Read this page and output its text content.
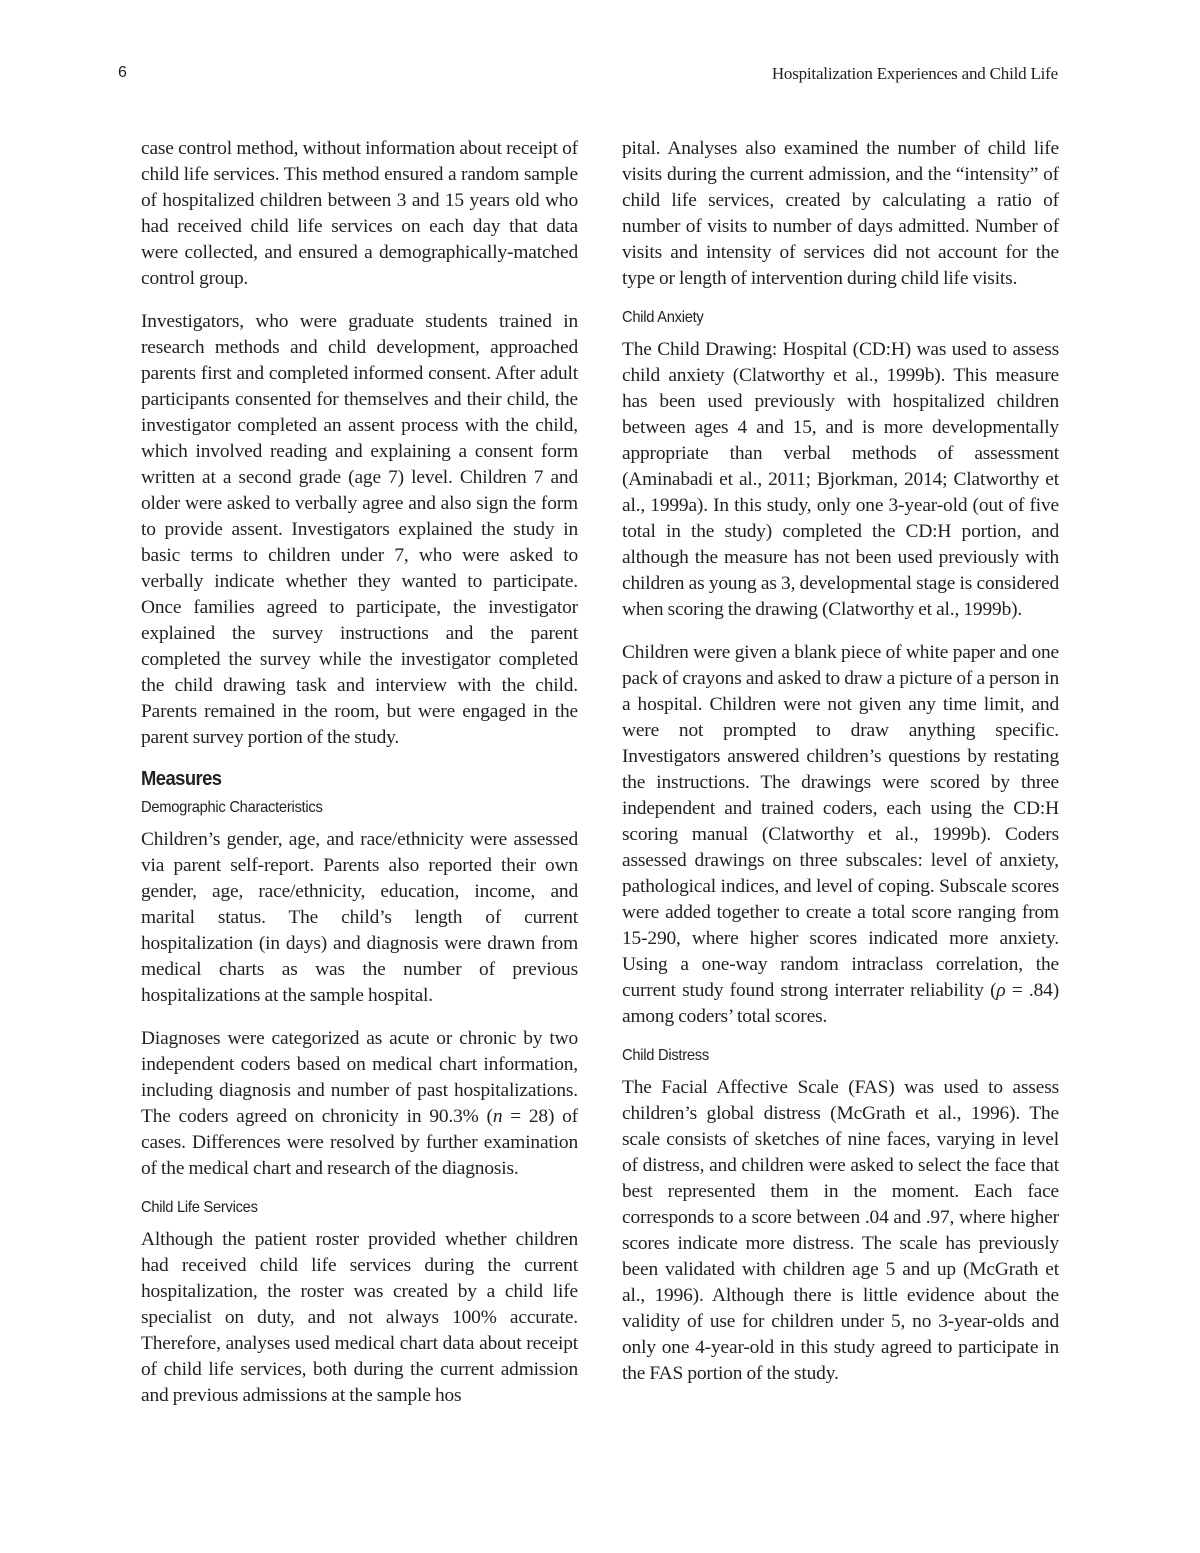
6	Hospitalization Experiences and Child Life

case control method, without information about receipt of child life services. This method ensured a random sample of hospitalized children between 3 and 15 years old who had received child life services on each day that data were collected, and ensured a demographically-matched control group.

Investigators, who were graduate students trained in research methods and child development, approached parents first and completed informed consent. After adult participants consented for themselves and their child, the investigator completed an assent process with the child, which involved reading and explaining a consent form written at a second grade (age 7) level. Children 7 and older were asked to verbally agree and also sign the form to provide assent. Investigators explained the study in basic terms to children under 7, who were asked to verbally indicate whether they wanted to participate. Once families agreed to participate, the investigator explained the survey instructions and the parent completed the survey while the investigator completed the child drawing task and interview with the child. Parents remained in the room, but were engaged in the parent survey portion of the study.

Measures
Demographic Characteristics

Children’s gender, age, and race/ethnicity were assessed via parent self-report. Parents also reported their own gender, age, race/ethnicity, education, income, and marital status. The child’s length of current hospitalization (in days) and diagnosis were drawn from medical charts as was the number of previous hospitalizations at the sample hospital.

Diagnoses were categorized as acute or chronic by two independent coders based on medical chart information, including diagnosis and number of past hospitalizations. The coders agreed on chronicity in 90.3% (n = 28) of cases. Differences were resolved by further examination of the medical chart and research of the diagnosis.

Child Life Services

Although the patient roster provided whether children had received child life services during the current hospitalization, the roster was created by a child life specialist on duty, and not always 100% accurate. Therefore, analyses used medical chart data about receipt of child life services, both during the current admission and previous admissions at the sample hos

pital. Analyses also examined the number of child life visits during the current admission, and the “intensity” of child life services, created by calculating a ratio of number of visits to number of days admitted. Number of visits and intensity of services did not account for the type or length of intervention during child life visits.

Child Anxiety

The Child Drawing: Hospital (CD:H) was used to assess child anxiety (Clatworthy et al., 1999b). This measure has been used previously with hospitalized children between ages 4 and 15, and is more developmentally appropriate than verbal methods of assessment (Aminabadi et al., 2011; Bjorkman, 2014; Clatworthy et al., 1999a). In this study, only one 3-year-old (out of five total in the study) completed the CD:H portion, and although the measure has not been used previously with children as young as 3, developmental stage is considered when scoring the drawing (Clatworthy et al., 1999b).

Children were given a blank piece of white paper and one pack of crayons and asked to draw a picture of a person in a hospital. Children were not given any time limit, and were not prompted to draw anything specific. Investigators answered children’s questions by restating the instructions. The drawings were scored by three independent and trained coders, each using the CD:H scoring manual (Clatworthy et al., 1999b). Coders assessed drawings on three subscales: level of anxiety, pathological indices, and level of coping. Subscale scores were added together to create a total score ranging from 15-290, where higher scores indicated more anxiety. Using a one-way random intraclass correlation, the current study found strong interrater reliability (ρ = .84) among coders’ total scores.

Child Distress

The Facial Affective Scale (FAS) was used to assess children’s global distress (McGrath et al., 1996). The scale consists of sketches of nine faces, varying in level of distress, and children were asked to select the face that best represented them in the moment. Each face corresponds to a score between .04 and .97, where higher scores indicate more distress. The scale has previously been validated with children age 5 and up (McGrath et al., 1996). Although there is little evidence about the validity of use for children under 5, no 3-year-olds and only one 4-year-old in this study agreed to participate in the FAS portion of the study.
